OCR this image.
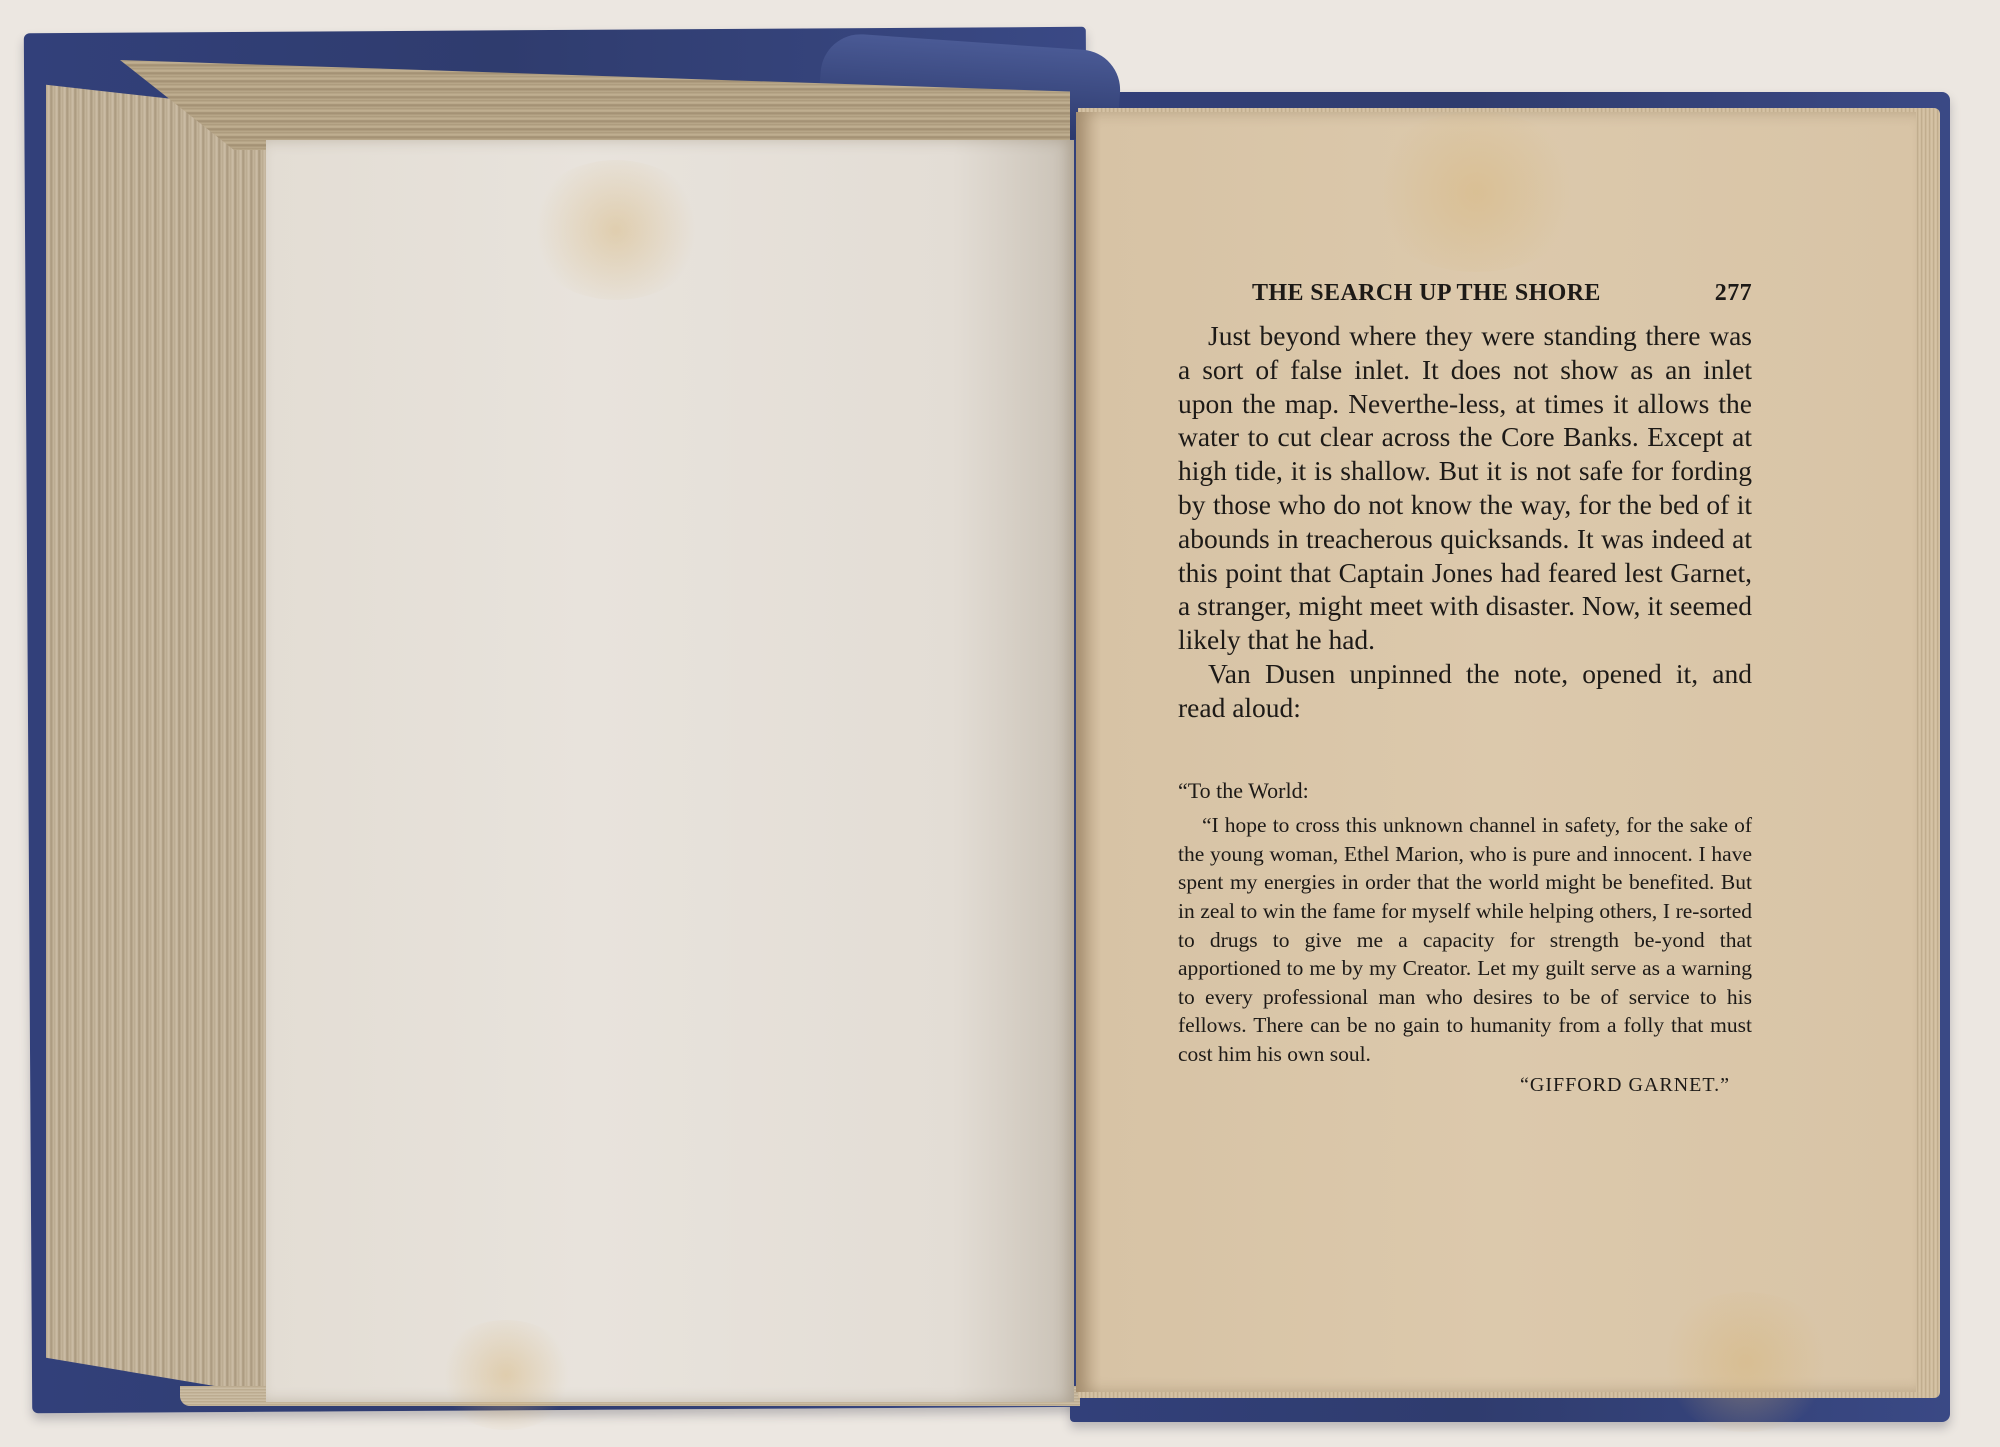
THE SEARCH UP THE SHORE	277

Just beyond where they were standing there was a sort of false inlet. It does not show as an inlet upon the map. Neverthe-less, at times it allows the water to cut clear across the Core Banks. Except at high tide, it is shallow. But it is not safe for fording by those who do not know the way, for the bed of it abounds in treacherous quicksands. It was indeed at this point that Captain Jones had feared lest Garnet, a stranger, might meet with disaster. Now, it seemed likely that he had.

Van Dusen unpinned the note, opened it, and read aloud:

“To the World:

“I hope to cross this unknown channel in safety, for the sake of the young woman, Ethel Marion, who is pure and innocent. I have spent my energies in order that the world might be benefited. But in zeal to win the fame for myself while helping others, I re-sorted to drugs to give me a capacity for strength be-yond that apportioned to me by my Creator. Let my guilt serve as a warning to every professional man who desires to be of service to his fellows. There can be no gain to humanity from a folly that must cost him his own soul.

“GIFFORD GARNET.”
